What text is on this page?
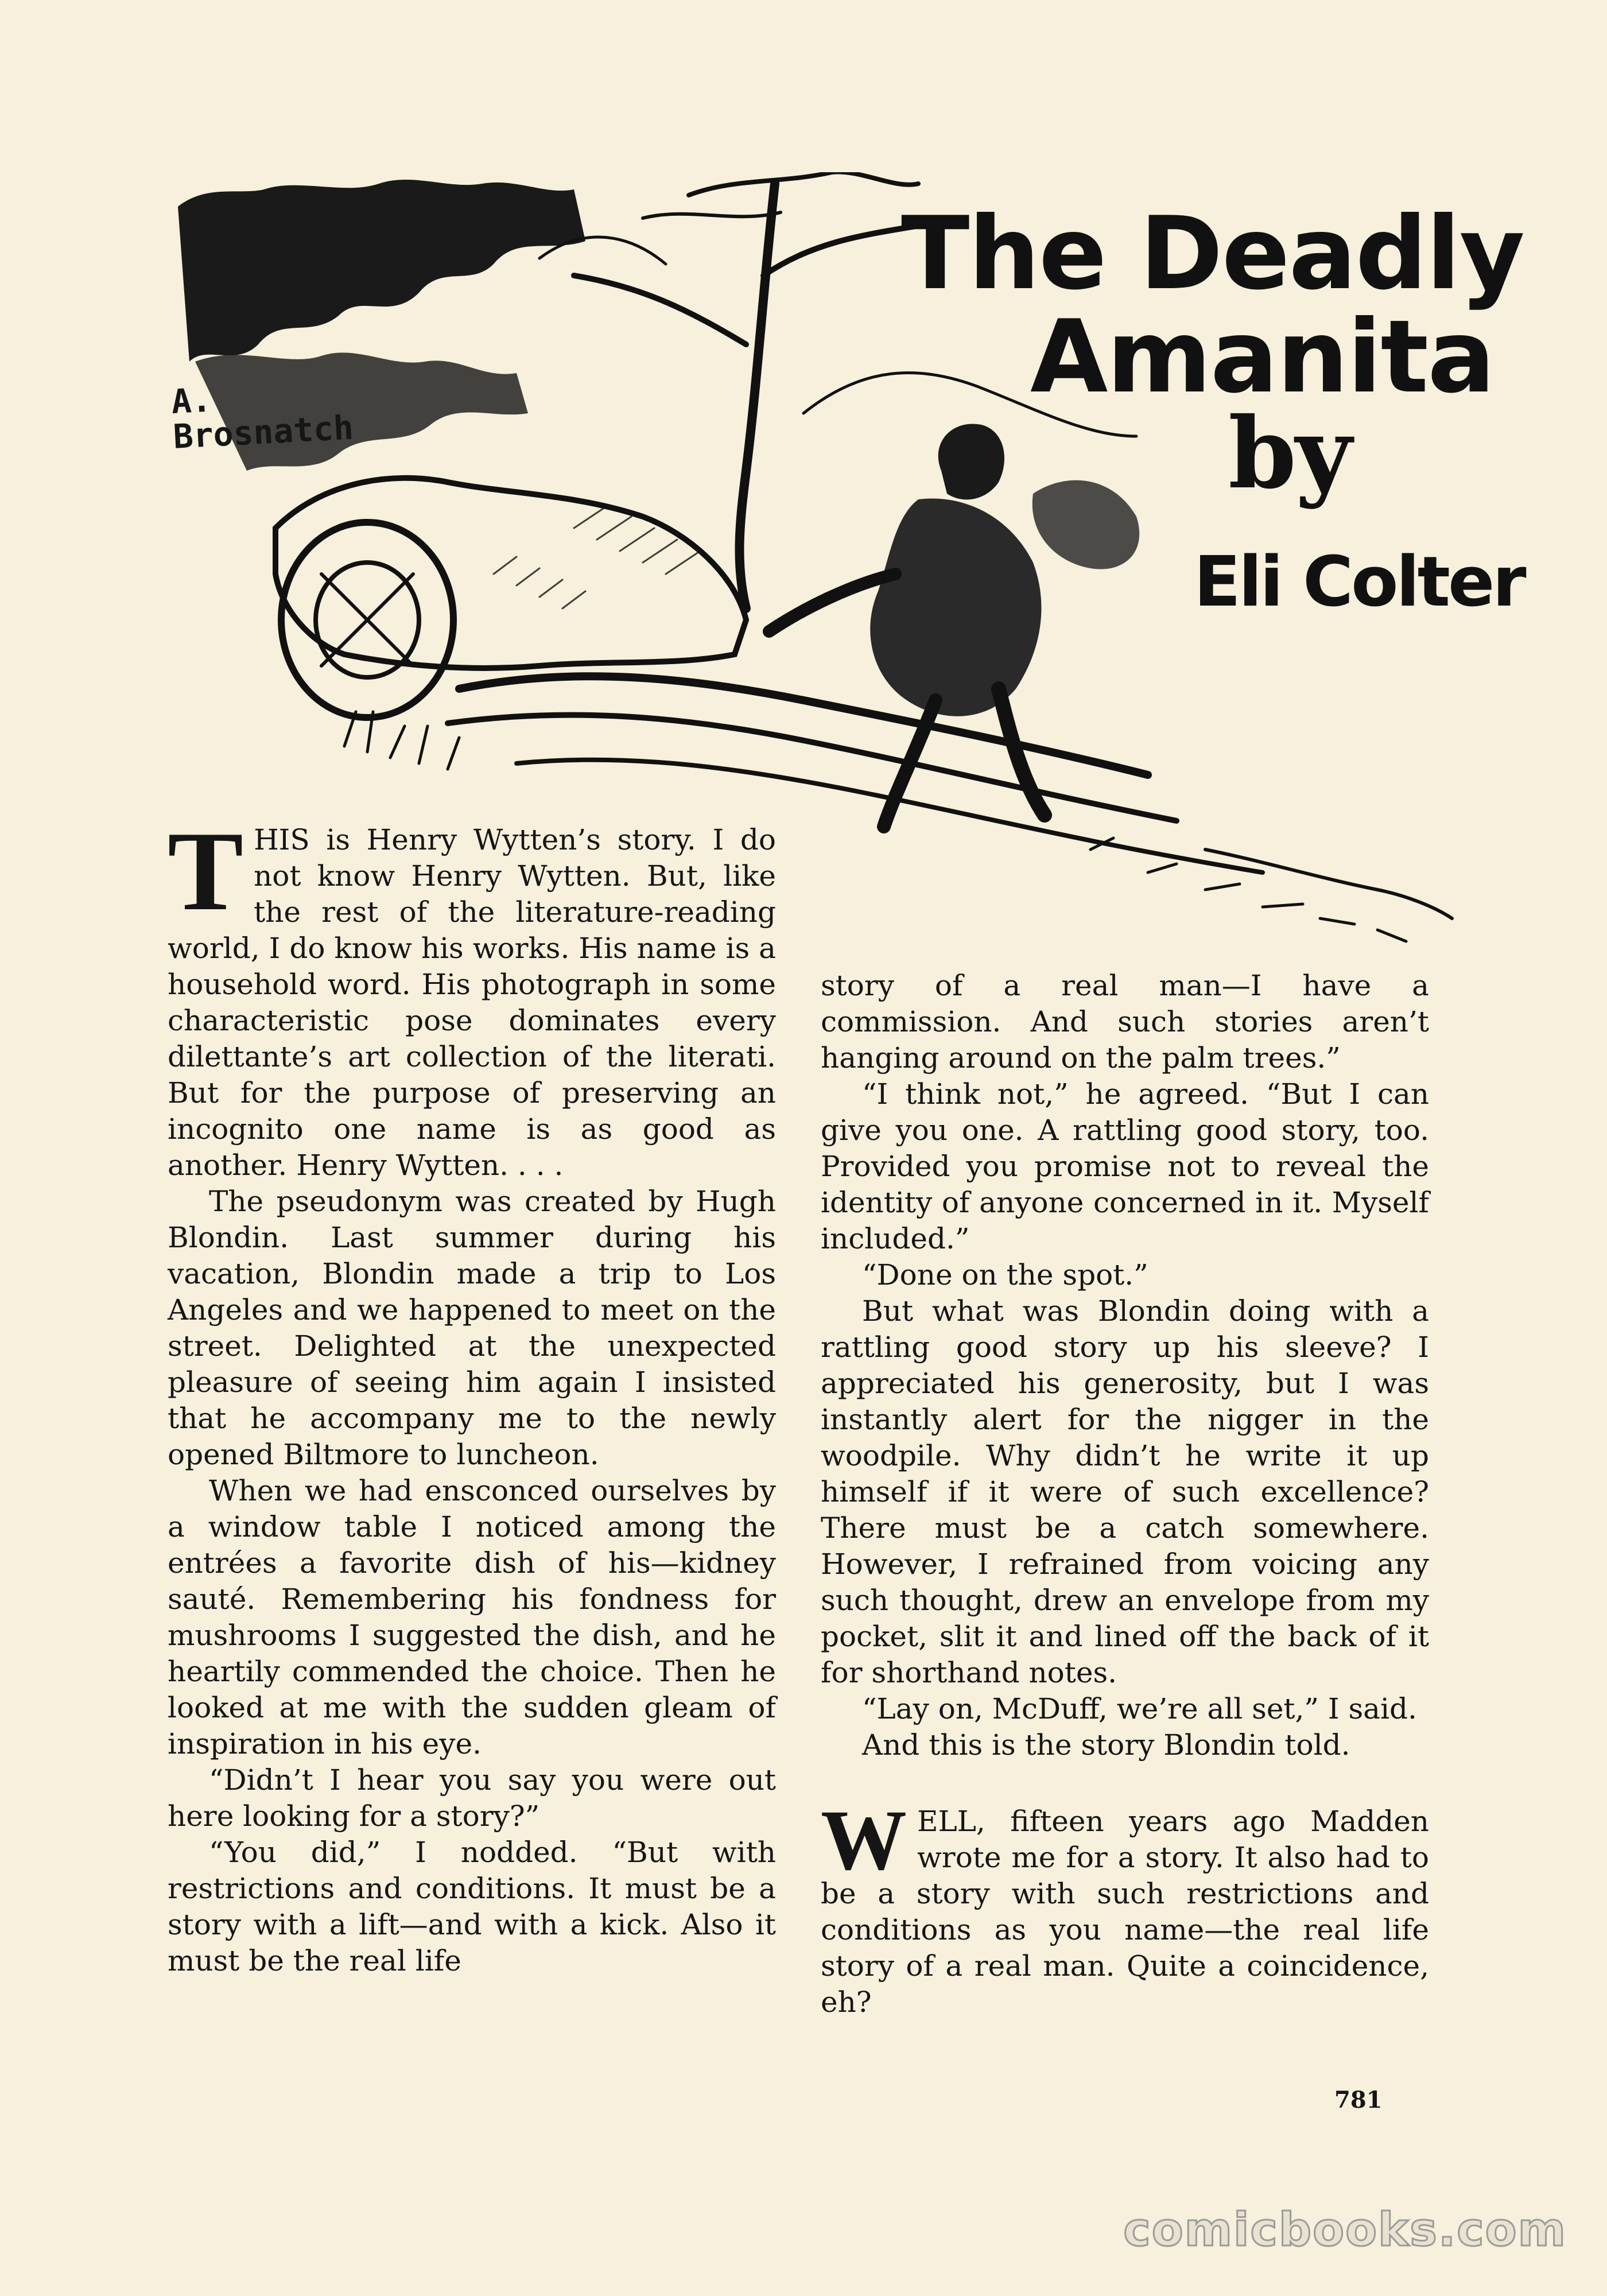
A. Brosnatch
The Deadly
Amanita
by
Eli Colter

THIS is Henry Wytten’s story. I do not know Henry Wytten. But, like the rest of the literature-reading world, I do know his works. His name is a household word. His photograph in some characteristic pose dominates every dilettante’s art collection of the literati. But for the purpose of preserving an incognito one name is as good as another. Henry Wytten. . . .

The pseudonym was created by Hugh Blondin. Last summer during his vacation, Blondin made a trip to Los Angeles and we happened to meet on the street. Delighted at the unexpected pleasure of seeing him again I insisted that he accompany me to the newly opened Biltmore to luncheon.

When we had ensconced ourselves by a window table I noticed among the entrées a favorite dish of his—kidney sauté. Remembering his fondness for mushrooms I suggested the dish, and he heartily commended the choice. Then he looked at me with the sudden gleam of inspiration in his eye.

“Didn’t I hear you say you were out here looking for a story?”

“You did,” I nodded. “But with restrictions and conditions. It must be a story with a lift—and with a kick. Also it must be the real life

story of a real man—I have a commission. And such stories aren’t hanging around on the palm trees.”

“I think not,” he agreed. “But I can give you one. A rattling good story, too. Provided you promise not to reveal the identity of anyone concerned in it. Myself included.”

“Done on the spot.”

But what was Blondin doing with a rattling good story up his sleeve? I appreciated his generosity, but I was instantly alert for the nigger in the woodpile. Why didn’t he write it up himself if it were of such excellence? There must be a catch somewhere. However, I refrained from voicing any such thought, drew an envelope from my pocket, slit it and lined off the back of it for shorthand notes.

“Lay on, McDuff, we’re all set,” I said.

And this is the story Blondin told.

WELL, fifteen years ago Madden wrote me for a story. It also had to be a story with such restrictions and conditions as you name—the real life story of a real man. Quite a coincidence, eh?

781
comicbooks.com
